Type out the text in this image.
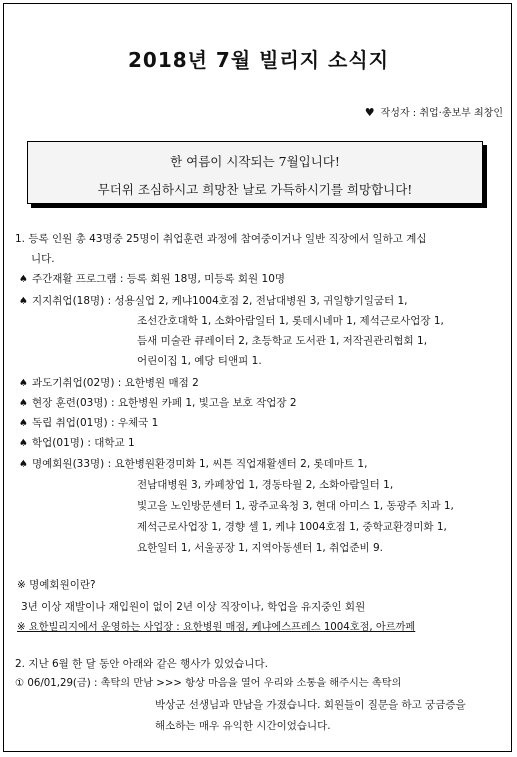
2018년 7월 빌리지 소식지
♥ 작성자 : 취업·총보부 최창인
한 여름이 시작되는 7월입니다!
무더위 조심하시고 희망찬 날로 가득하시기를 희망합니다!
1. 등록 인원 총 43명중 25명이 취업훈련 과정에 참여중이거나 일반 직장에서 일하고 계십
니다.
♠ 주간재활 프로그램 : 등록 회원 18명, 미등록 회원 10명
♠ 지지취업(18명) : 성용실업 2, 케냐1004호점 2, 전남대병원 3, 귀일향기일굼터 1,
조선간호대학 1, 소화아람일터 1, 롯데시네마 1, 제석근로사업장 1,
듬새 미술관 큐레이터 2, 초등학교 도서관 1, 저작권관리협회 1,
어린이집 1, 예당 티앤피 1.
♠ 과도기취업(02명) : 요한병원 매점 2
♠ 현장 훈련(03명) : 요한병원 카페 1, 빛고을 보호 작업장 2
♠ 독립 취업(01명) : 우체국 1
♠ 학업(01명) : 대학교 1
♠ 명예회원(33명) : 요한병원환경미화 1, 씨튼 직업재활센터 2, 롯데마트 1,
전남대병원 3, 카페창업 1, 경동타월 2, 소화아람일터 1,
빛고을 노인방문센터 1, 광주교육청 3, 현대 아미스 1, 동광주 치과 1,
제석근로사업장 1, 경향 셀 1, 케냐 1004호점 1, 중학교환경미화 1,
요한일터 1, 서울공장 1, 지역아동센터 1, 취업준비 9.
※ 명예회원이란?
3년 이상 재발이나 재입원이 없이 2년 이상 직장이나, 학업을 유지중인 회원
※ 요한빌리지에서 운영하는 사업장 : 요한병원 매점, 케냐에스프레스 1004호점, 아르까페
2. 지난 6월 한 달 동안 아래와 같은 행사가 있었습니다.
① 06/01,29(금) : 촉탁의 만남 >>> 항상 마음을 열어 우리와 소통을 해주시는 촉탁의
박상군 선생님과 만남을 가졌습니다. 회원들이 질문을 하고 궁금증을
해소하는 매우 유익한 시간이었습니다.
